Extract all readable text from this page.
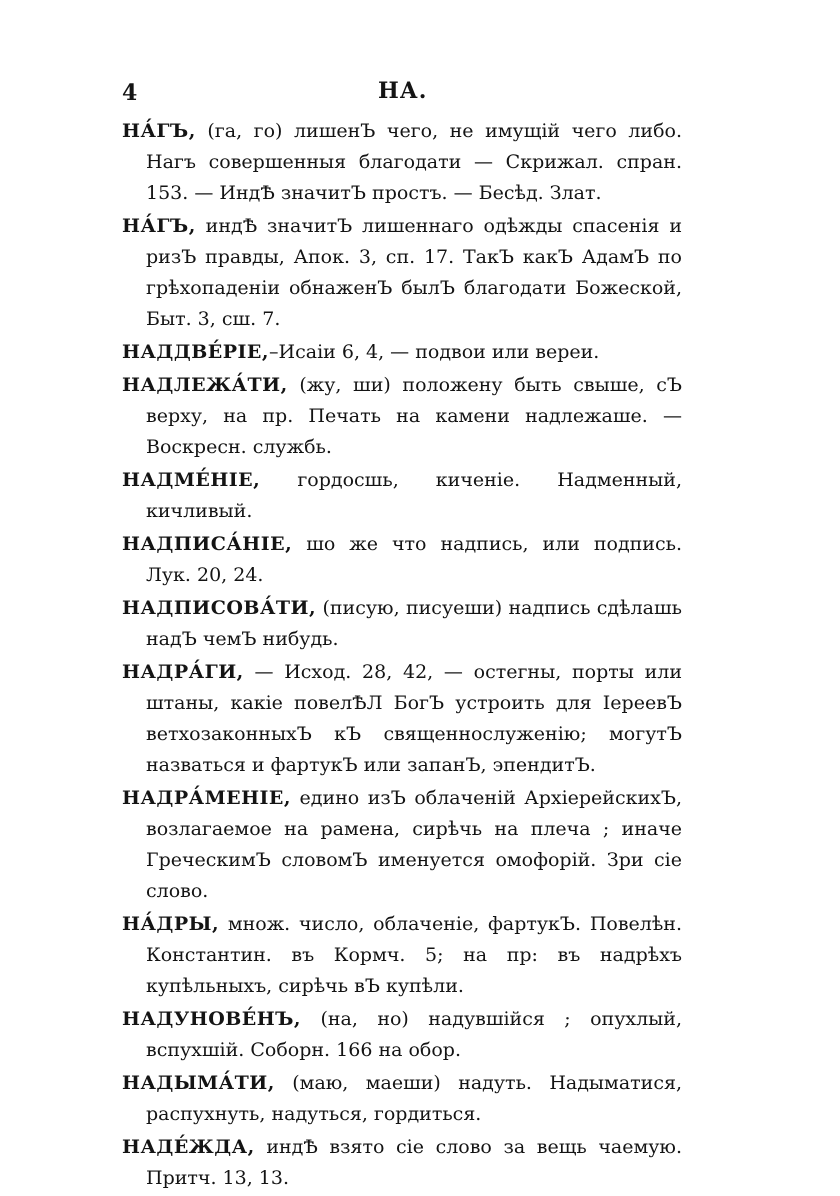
4	НА.

НА́ГЪ, (га, го) лишенЪ чего, не имущій чего либо. Нагъ совершенныя благодати — Скрижал. спран. 153. — ИндѢ значитЪ простъ. — Бесѣд. Злат.

НА́ГЪ, индѢ значитЪ лишеннаго одѣжды спасенія и ризЪ правды, Апок. 3, сп. 17. ТакЪ какЪ АдамЪ по грѣхопаденіи обнаженЪ былЪ благодати Божеской, Быт. 3, сш. 7.

НАДДВЕ́РІЕ,–Исаіи 6, 4, — подвои или вереи.

НАДЛЕЖА́ТИ, (жу, ши) положену быть свыше, сЪ верху, на пр. Печать на камени надлежаше. — Воскресн. службь.

НАДМЕ́НІЕ, гордосшь, киченіе. Надменный, кичливый.

НАДПИСА́НІЕ, шо же что надпись, или подпись. Лук. 20, 24.

НАДПИСОВА́ТИ, (писую, писуеши) надпись сдѣлашь надЪ чемЪ нибудь.

НАДРА́ГИ, — Исход. 28, 42, — остегны, порты или штаны, какіе повелѢЛ БогЪ устроить для ІереевЪ ветхозаконныхЪ кЪ священнослуженію; могутЪ назваться и фартукЪ или запанЪ, эпендитЪ.

НАДРА́МЕНІЕ, едино изЪ облаченій АрхіерейскихЪ, возлагаемое на рамена, сирѣчь на плеча ; иначе ГреческимЪ словомЪ именуется омофорій. Зри сіе слово.

НА́ДРЫ, множ. число, облаченіе, фартукЪ. Повелѣн. Константин. въ Кормч. 5; на пр: въ надрѣхъ купѣльныхъ, сирѣчь вЪ купѣли.

НАДУНОВЕ́НЪ, (на, но) надувшійся ; опухлый, вспухшій. Соборн. 166 на обор.

НАДЫМА́ТИ, (маю, маеши) надуть. Надыматися, распухнуть, надуться, гордиться.

НАДЕ́ЖДА, индѢ взято сіе слово за вещь чаемую. Притч. 13, 13.
